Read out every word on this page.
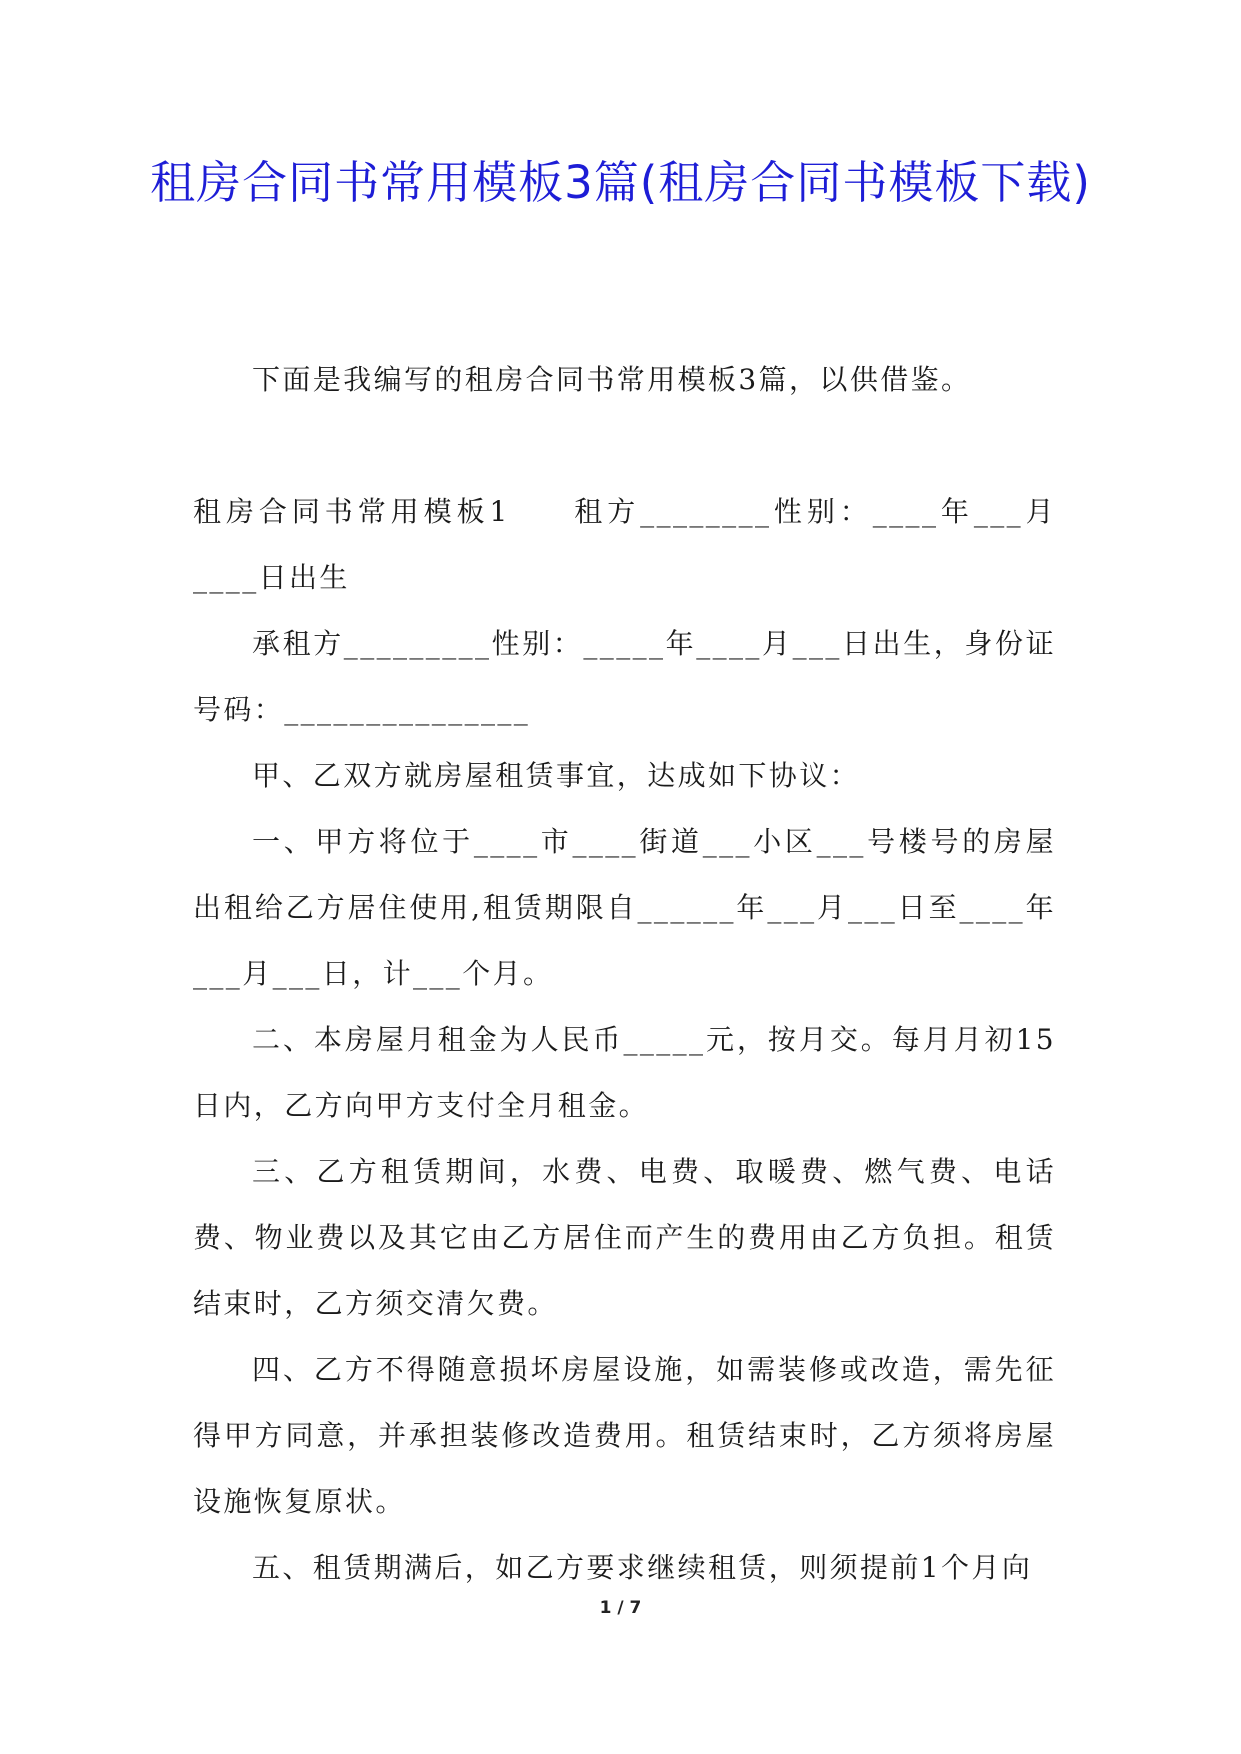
租房合同书常用模板3篇(租房合同书模板下载)

下面是我编写的租房合同书常用模板3篇，以供借鉴。

租房合同书常用模板1 租方________性别：____年___月____日出生

承租方_________性别：_____年____月___日出生，身份证号码：_______________

甲、乙双方就房屋租赁事宜，达成如下协议：

一、甲方将位于____市____街道___小区___号楼号的房屋出租给乙方居住使用,租赁期限自______年___月___日至____年___月___日，计___个月。

二、本房屋月租金为人民币_____元，按月交。每月月初15日内，乙方向甲方支付全月租金。

三、乙方租赁期间，水费、电费、取暖费、燃气费、电话费、物业费以及其它由乙方居住而产生的费用由乙方负担。租赁结束时，乙方须交清欠费。

四、乙方不得随意损坏房屋设施，如需装修或改造，需先征得甲方同意，并承担装修改造费用。租赁结束时，乙方须将房屋设施恢复原状。

五、租赁期满后，如乙方要求继续租赁，则须提前1个月向

1 / 7
